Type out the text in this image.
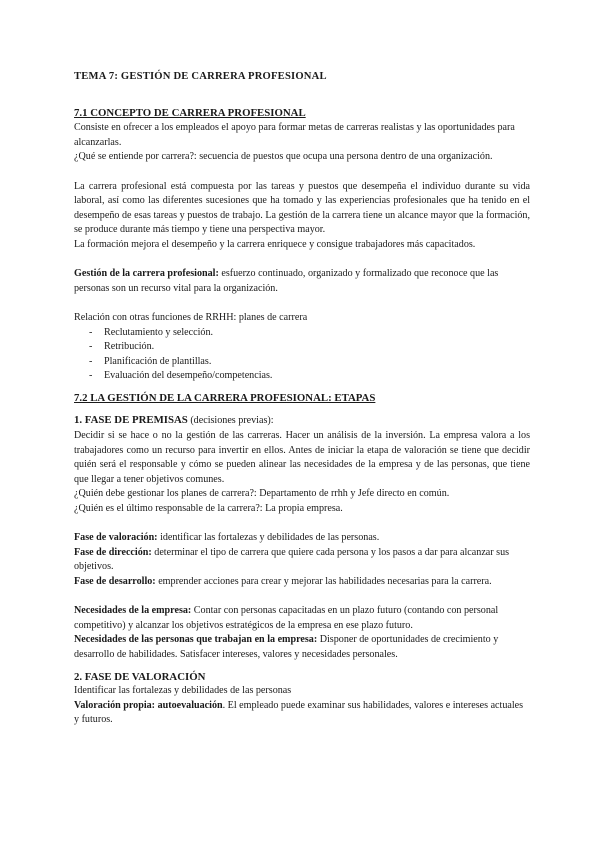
TEMA 7: GESTIÓN DE CARRERA PROFESIONAL

7.1 CONCEPTO DE CARRERA PROFESIONAL

Consiste en ofrecer a los empleados el apoyo para formar metas de carreras realistas y las oportunidades para alcanzarlas.

¿Qué se entiende por carrera?: secuencia de puestos que ocupa una persona dentro de una organización.

La carrera profesional está compuesta por las tareas y puestos que desempeña el individuo durante su vida laboral, así como las diferentes sucesiones que ha tomado y las experiencias profesionales que ha tenido en el desempeño de esas tareas y puestos de trabajo. La gestión de la carrera tiene un alcance mayor que la formación, se produce durante más tiempo y tiene una perspectiva mayor.

La formación mejora el desempeño y la carrera enriquece y consigue trabajadores más capacitados.

Gestión de la carrera profesional: esfuerzo continuado, organizado y formalizado que reconoce que las personas son un recurso vital para la organización.

Relación con otras funciones de RRHH: planes de carrera

- Reclutamiento y selección.
- Retribución.
- Planificación de plantillas.
- Evaluación del desempeño/competencias.

7.2 LA GESTIÓN DE LA CARRERA PROFESIONAL: ETAPAS

1. FASE DE PREMISAS (decisiones previas):

Decidir si se hace o no la gestión de las carreras. Hacer un análisis de la inversión. La empresa valora a los trabajadores como un recurso para invertir en ellos. Antes de iniciar la etapa de valoración se tiene que decidir quién será el responsable y cómo se pueden alinear las necesidades de la empresa y de las personas, que tiene que llegar a tener objetivos comunes.

¿Quién debe gestionar los planes de carrera?: Departamento de rrhh y Jefe directo en común.

¿Quién es el último responsable de la carrera?: La propia empresa.

Fase de valoración: identificar las fortalezas y debilidades de las personas.

Fase de dirección: determinar el tipo de carrera que quiere cada persona y los pasos a dar para alcanzar sus objetivos.

Fase de desarrollo: emprender acciones para crear y mejorar las habilidades necesarias para la carrera.

Necesidades de la empresa: Contar con personas capacitadas en un plazo futuro (contando con personal competitivo) y alcanzar los objetivos estratégicos de la empresa en ese plazo futuro.

Necesidades de las personas que trabajan en la empresa: Disponer de oportunidades de crecimiento y desarrollo de habilidades. Satisfacer intereses, valores y necesidades personales.

2. FASE DE VALORACIÓN

Identificar las fortalezas y debilidades de las personas

Valoración propia: autoevaluación. El empleado puede examinar sus habilidades, valores e intereses actuales y futuros.
